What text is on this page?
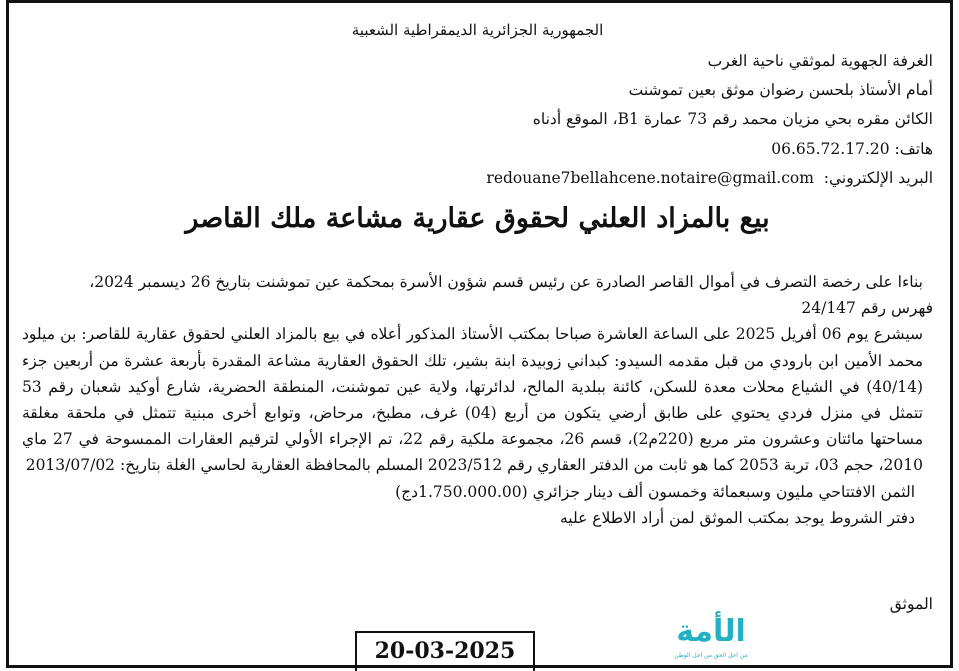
الجمهورية الجزائرية الديمقراطية الشعبية
الغرفة الجهوية لموثقي ناحية الغرب
أمام الأستاذ بلحسن رضوان موثق بعين تموشنت
الكائن مقره بحي مزيان محمد رقم 73 عمارة B1، الموقع أدناه
هاتف: 06.65.72.17.20
البريد الإلكتروني:  redouane7bellahcene.notaire@gmail.com
بيع بالمزاد العلني لحقوق عقارية مشاعة ملك القاصر

بناءا على رخصة التصرف في أموال القاصر الصادرة عن رئيس قسم شؤون الأسرة بمحكمة عين تموشنت بتاريخ 26 ديسمبر 2024،

فهرس رقم 24/147

سيشرع يوم 06 أفريل 2025 على الساعة العاشرة صباحا بمكتب الأستاذ المذكور أعلاه في بيع بالمزاد العلني لحقوق عقارية للقاصر: بن ميلود محمد الأمين ابن بارودي من قبل مقدمه السيدو: كبداني زوبيدة ابنة بشير، تلك الحقوق العقارية مشاعة المقدرة بأربعة عشرة من أربعين جزء (40/14) في الشياع محلات معدة للسكن، كائنة ببلدية المالح، لدائرتها، ولاية عين تموشنت، المنطقة الحضرية، شارع أوكيد شعبان رقم 53 تتمثل في منزل فردي يحتوي على طابق أرضي يتكون من أربع (04) غرف، مطبخ، مرحاض، وتوابع أخرى مبنية تتمثل في ملحقة مغلقة مساحتها مائتان وعشرون متر مربع (220م2)، قسم 26، مجموعة ملكية رقم 22، تم الإجراء الأولي لترقيم العقارات الممسوحة في 27 ماي 2010، حجم 03، تربة 2053 كما هو ثابت من الدفتر العقاري رقم 2023/512 المسلم بالمحافظة العقارية لحاسي الغلة بتاريخ: 2013/07/02

الثمن الافتتاحي مليون وسبعمائة وخمسون ألف دينار جزائري (1.750.000.00دج)

دفتر الشروط يوجد بمكتب الموثق لمن أراد الاطلاع عليه

الموثق
الأمة
من أجل الحق من أجل الوطن
20-03-2025
